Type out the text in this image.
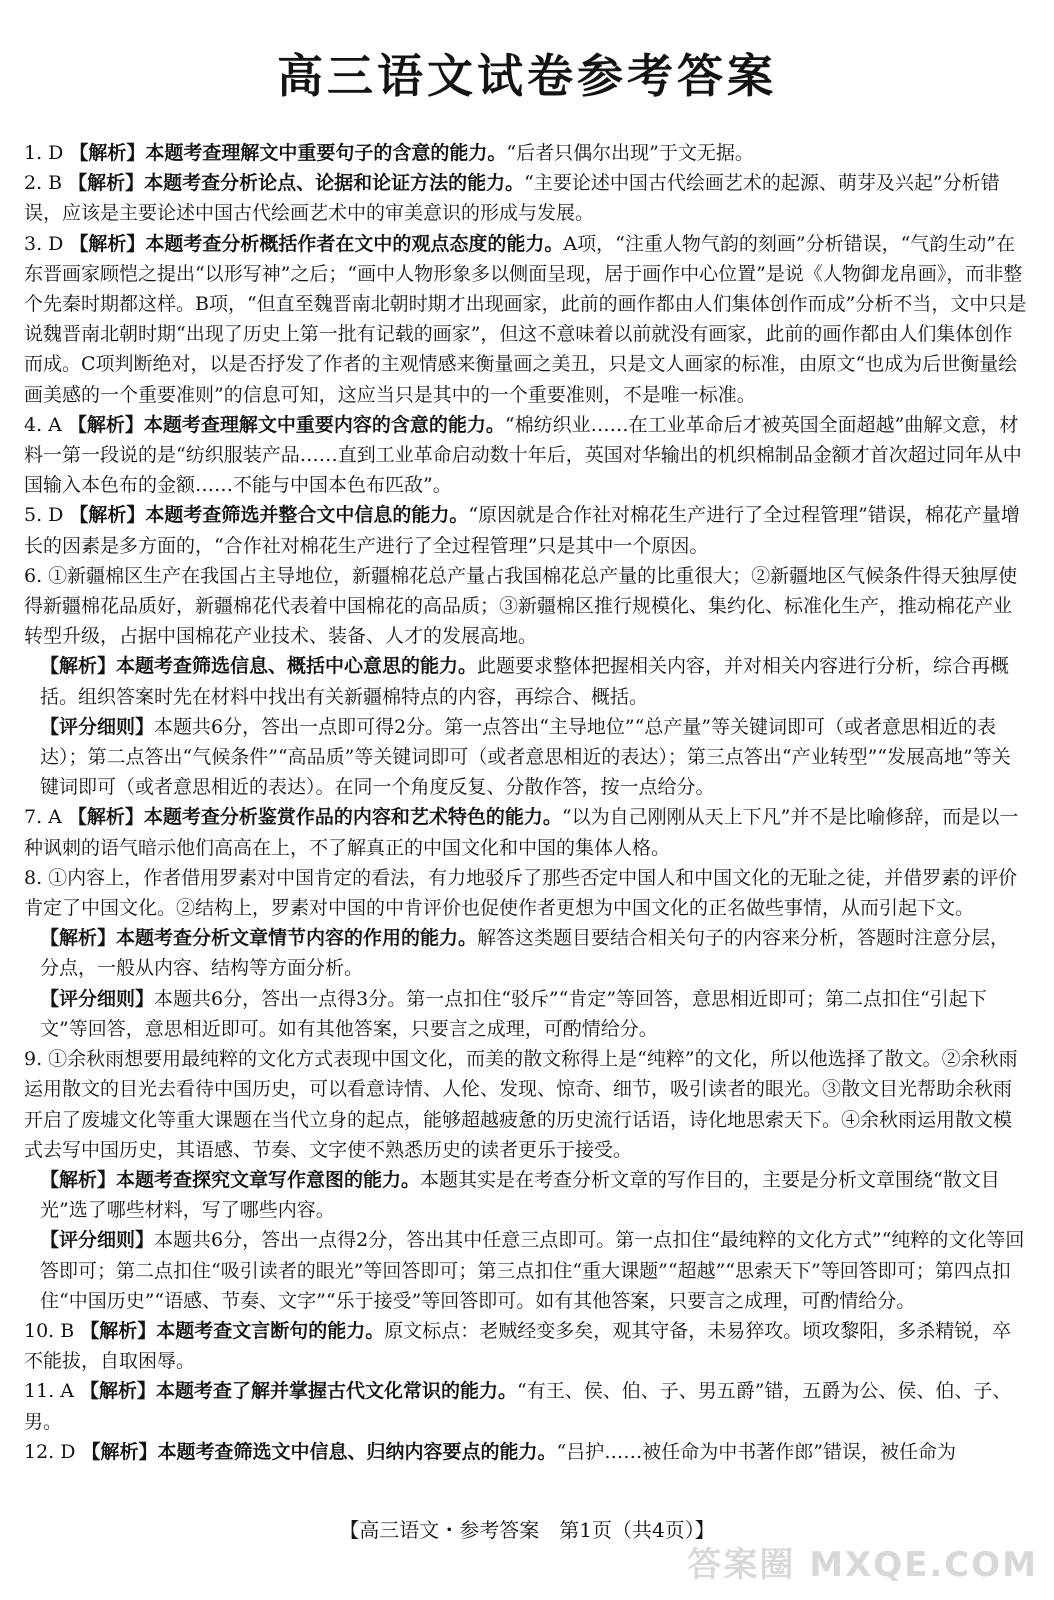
高三语文试卷参考答案

1. D 【解析】本题考查理解文中重要句子的含意的能力。“后者只偶尔出现”于文无据。

2. B 【解析】本题考查分析论点、论据和论证方法的能力。“主要论述中国古代绘画艺术的起源、萌芽及兴起”分析错误，应该是主要论述中国古代绘画艺术中的审美意识的形成与发展。

3. D 【解析】本题考查分析概括作者在文中的观点态度的能力。A项，“注重人物气韵的刻画”分析错误，“气韵生动”在东晋画家顾恺之提出“以形写神”之后；“画中人物形象多以侧面呈现，居于画作中心位置”是说《人物御龙帛画》，而非整个先秦时期都这样。B项，“但直至魏晋南北朝时期才出现画家，此前的画作都由人们集体创作而成”分析不当，文中只是说魏晋南北朝时期“出现了历史上第一批有记载的画家”，但这不意味着以前就没有画家，此前的画作都由人们集体创作而成。C项判断绝对，以是否抒发了作者的主观情感来衡量画之美丑，只是文人画家的标准，由原文“也成为后世衡量绘画美感的一个重要准则”的信息可知，这应当只是其中的一个重要准则，不是唯一标准。

4. A 【解析】本题考查理解文中重要内容的含意的能力。“棉纺织业……在工业革命后才被英国全面超越”曲解文意，材料一第一段说的是“纺织服装产品……直到工业革命启动数十年后，英国对华输出的机织棉制品金额才首次超过同年从中国输入本色布的金额……不能与中国本色布匹敌”。

5. D 【解析】本题考查筛选并整合文中信息的能力。“原因就是合作社对棉花生产进行了全过程管理”错误，棉花产量增长的因素是多方面的，“合作社对棉花生产进行了全过程管理”只是其中一个原因。

6. ①新疆棉区生产在我国占主导地位，新疆棉花总产量占我国棉花总产量的比重很大；②新疆地区气候条件得天独厚使得新疆棉花品质好，新疆棉花代表着中国棉花的高品质；③新疆棉区推行规模化、集约化、标准化生产，推动棉花产业转型升级，占据中国棉花产业技术、装备、人才的发展高地。

【解析】本题考查筛选信息、概括中心意思的能力。此题要求整体把握相关内容，并对相关内容进行分析，综合再概括。组织答案时先在材料中找出有关新疆棉特点的内容，再综合、概括。

【评分细则】本题共6分，答出一点即可得2分。第一点答出“主导地位”“总产量”等关键词即可（或者意思相近的表达）；第二点答出“气候条件”“高品质”等关键词即可（或者意思相近的表达）；第三点答出“产业转型”“发展高地”等关键词即可（或者意思相近的表达）。在同一个角度反复、分散作答，按一点给分。

7. A 【解析】本题考查分析鉴赏作品的内容和艺术特色的能力。“以为自己刚刚从天上下凡”并不是比喻修辞，而是以一种讽刺的语气暗示他们高高在上，不了解真正的中国文化和中国的集体人格。

8. ①内容上，作者借用罗素对中国肯定的看法，有力地驳斥了那些否定中国人和中国文化的无耻之徒，并借罗素的评价肯定了中国文化。②结构上，罗素对中国的中肯评价也促使作者更想为中国文化的正名做些事情，从而引起下文。

【解析】本题考查分析文章情节内容的作用的能力。解答这类题目要结合相关句子的内容来分析，答题时注意分层，分点，一般从内容、结构等方面分析。

【评分细则】本题共6分，答出一点得3分。第一点扣住“驳斥”“肯定”等回答，意思相近即可；第二点扣住“引起下文”等回答，意思相近即可。如有其他答案，只要言之成理，可酌情给分。

9. ①余秋雨想要用最纯粹的文化方式表现中国文化，而美的散文称得上是“纯粹”的文化，所以他选择了散文。②余秋雨运用散文的目光去看待中国历史，可以看意诗情、人伦、发现、惊奇、细节，吸引读者的眼光。③散文目光帮助余秋雨开启了废墟文化等重大课题在当代立身的起点，能够超越疲惫的历史流行话语，诗化地思索天下。④余秋雨运用散文模式去写中国历史，其语感、节奏、文字使不熟悉历史的读者更乐于接受。

【解析】本题考查探究文章写作意图的能力。本题其实是在考查分析文章的写作目的，主要是分析文章围绕“散文目光”选了哪些材料，写了哪些内容。

【评分细则】本题共6分，答出一点得2分，答出其中任意三点即可。第一点扣住“最纯粹的文化方式”“纯粹的文化等回答即可；第二点扣住“吸引读者的眼光”等回答即可；第三点扣住“重大课题”“超越”“思索天下”等回答即可；第四点扣住“中国历史”“语感、节奏、文字”“乐于接受”等回答即可。如有其他答案，只要言之成理，可酌情给分。

10. B 【解析】本题考查文言断句的能力。原文标点：老贼经变多矣，观其守备，未易猝攻。顷攻黎阳，多杀精锐，卒不能拔，自取困辱。

11. A 【解析】本题考查了解并掌握古代文化常识的能力。“有王、侯、伯、子、男五爵”错，五爵为公、侯、伯、子、男。

12. D 【解析】本题考查筛选文中信息、归纳内容要点的能力。“吕护……被任命为中书著作郎”错误，被任命为

【高三语文・参考答案　第1页（共4页）】
答案圈 MXQE.COM
